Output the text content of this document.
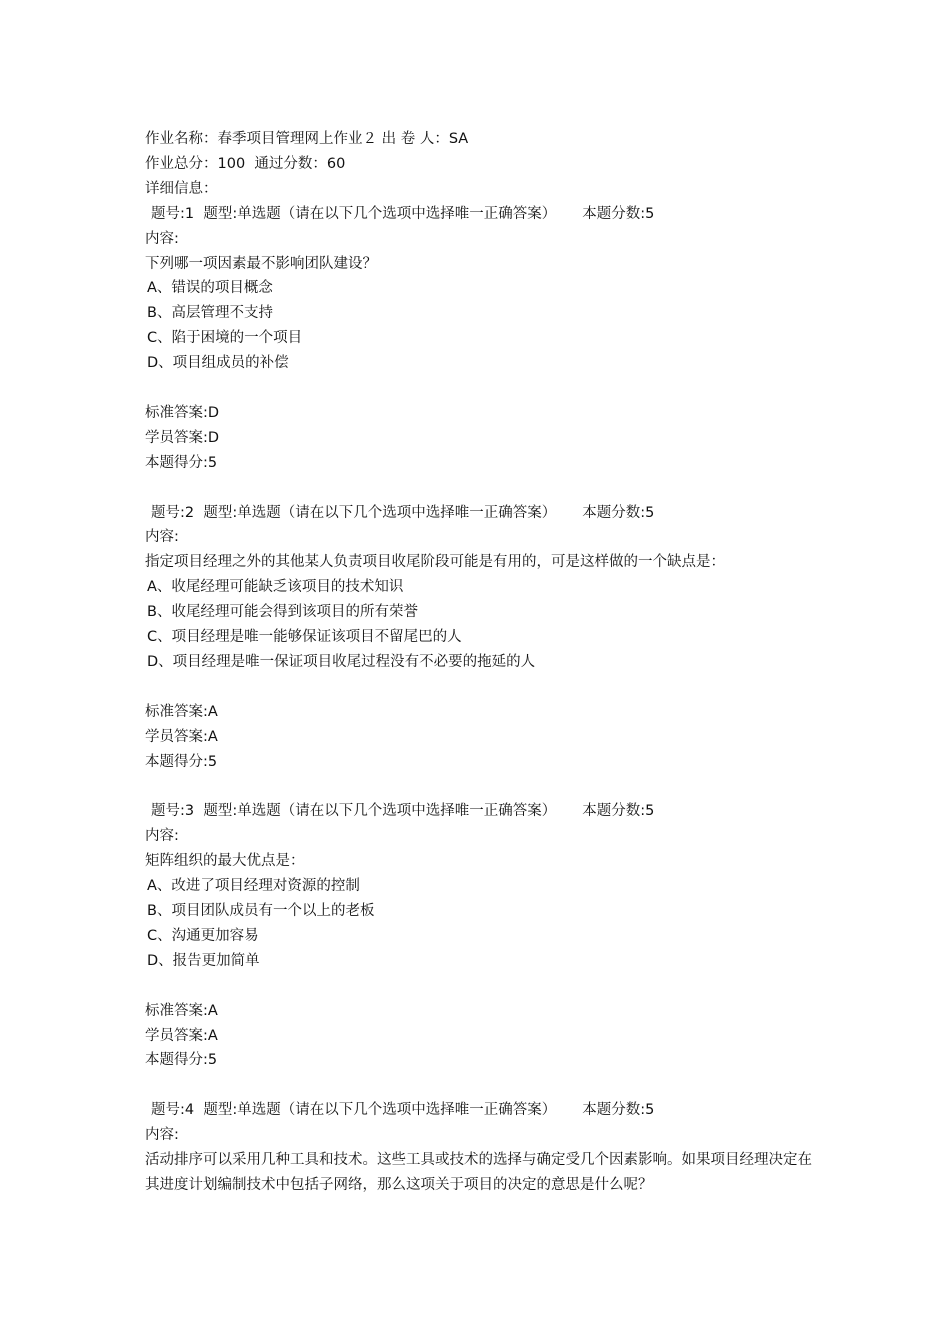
作业名称：春季项目管理网上作业２ 出 卷 人：SA
作业总分：100  通过分数：60
详细信息：
题号:1  题型:单选题（请在以下几个选项中选择唯一正确答案） 本题分数:5
内容:
下列哪一项因素最不影响团队建设？
A、错误的项目概念
B、高层管理不支持
C、陷于困境的一个项目
D、项目组成员的补偿
标准答案:D
学员答案:D
本题得分:5
题号:2  题型:单选题（请在以下几个选项中选择唯一正确答案） 本题分数:5
内容:
指定项目经理之外的其他某人负责项目收尾阶段可能是有用的，可是这样做的一个缺点是：
A、收尾经理可能缺乏该项目的技术知识
B、收尾经理可能会得到该项目的所有荣誉
C、项目经理是唯一能够保证该项目不留尾巴的人
D、项目经理是唯一保证项目收尾过程没有不必要的拖延的人
标准答案:A
学员答案:A
本题得分:5
题号:3  题型:单选题（请在以下几个选项中选择唯一正确答案） 本题分数:5
内容:
矩阵组织的最大优点是：
A、改进了项目经理对资源的控制
B、项目团队成员有一个以上的老板
C、沟通更加容易
D、报告更加简单
标准答案:A
学员答案:A
本题得分:5
题号:4  题型:单选题（请在以下几个选项中选择唯一正确答案） 本题分数:5
内容:
活动排序可以采用几种工具和技术。这些工具或技术的选择与确定受几个因素影响。如果项目经理决定在其进度计划编制技术中包括子网络，那么这项关于项目的决定的意思是什么呢？
